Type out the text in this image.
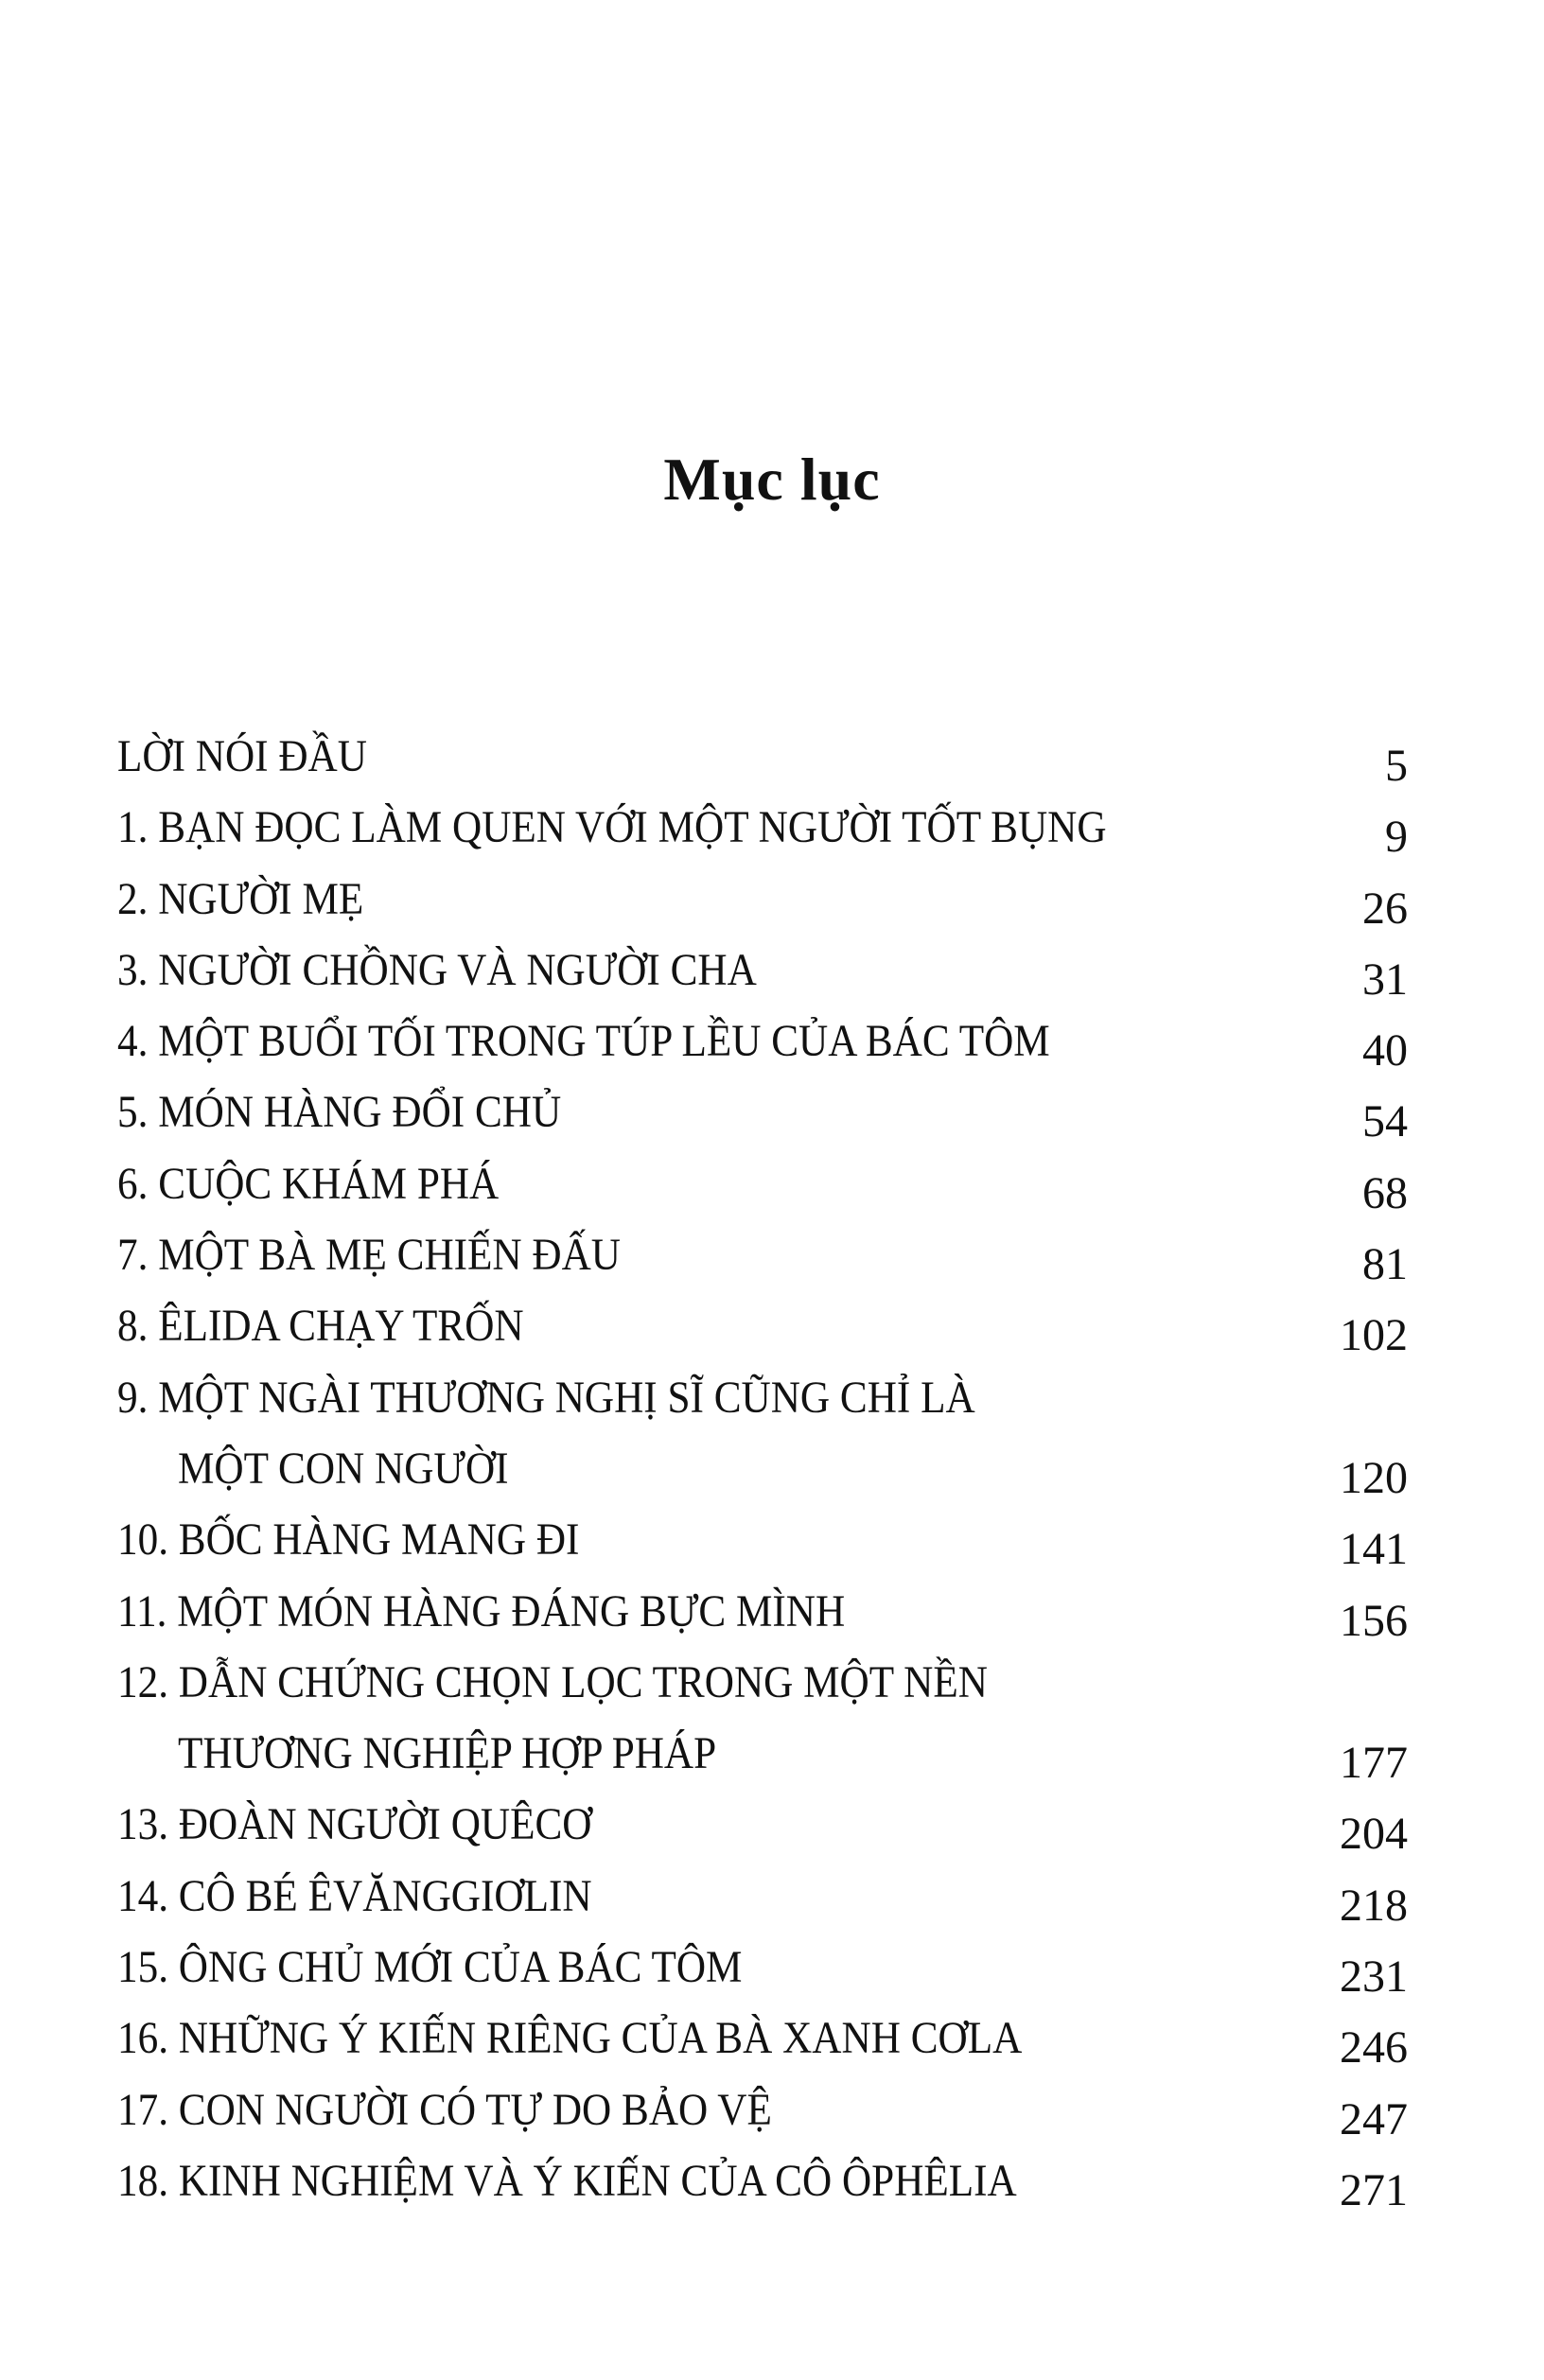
Mục lục
LỜI NÓI ĐẦU	5
1. BẠN ĐỌC LÀM QUEN VỚI MỘT NGƯỜI TỐT BỤNG	9
2. NGƯỜI MẸ	26
3. NGƯỜI CHỒNG VÀ NGƯỜI CHA	31
4. MỘT BUỔI TỐI TRONG TÚP LỀU CỦA BÁC TÔM	40
5. MÓN HÀNG ĐỔI CHỦ	54
6. CUỘC KHÁM PHÁ	68
7. MỘT BÀ MẸ CHIẾN ĐẤU	81
8. ÊLIDA CHẠY TRỐN	102
9. MỘT NGÀI THƯƠNG NGHỊ SĨ CŨNG CHỈ LÀ
MỘT CON NGƯỜI	120
10. BỐC HÀNG MANG ĐI	141
11. MỘT MÓN HÀNG ĐÁNG BỰC MÌNH	156
12. DẪN CHỨNG CHỌN LỌC TRONG MỘT NỀN
THƯƠNG NGHIỆP HỢP PHÁP	177
13. ĐOÀN NGƯỜI QUÊCƠ	204
14. CÔ BÉ ÊVĂNGGIƠLIN	218
15. ÔNG CHỦ MỚI CỦA BÁC TÔM	231
16. NHỮNG Ý KIẾN RIÊNG CỦA BÀ XANH CƠLA	246
17. CON NGƯỜI CÓ TỰ DO BẢO VỆ	247
18. KINH NGHIỆM VÀ Ý KIẾN CỦA CÔ ÔPHÊLIA	271
